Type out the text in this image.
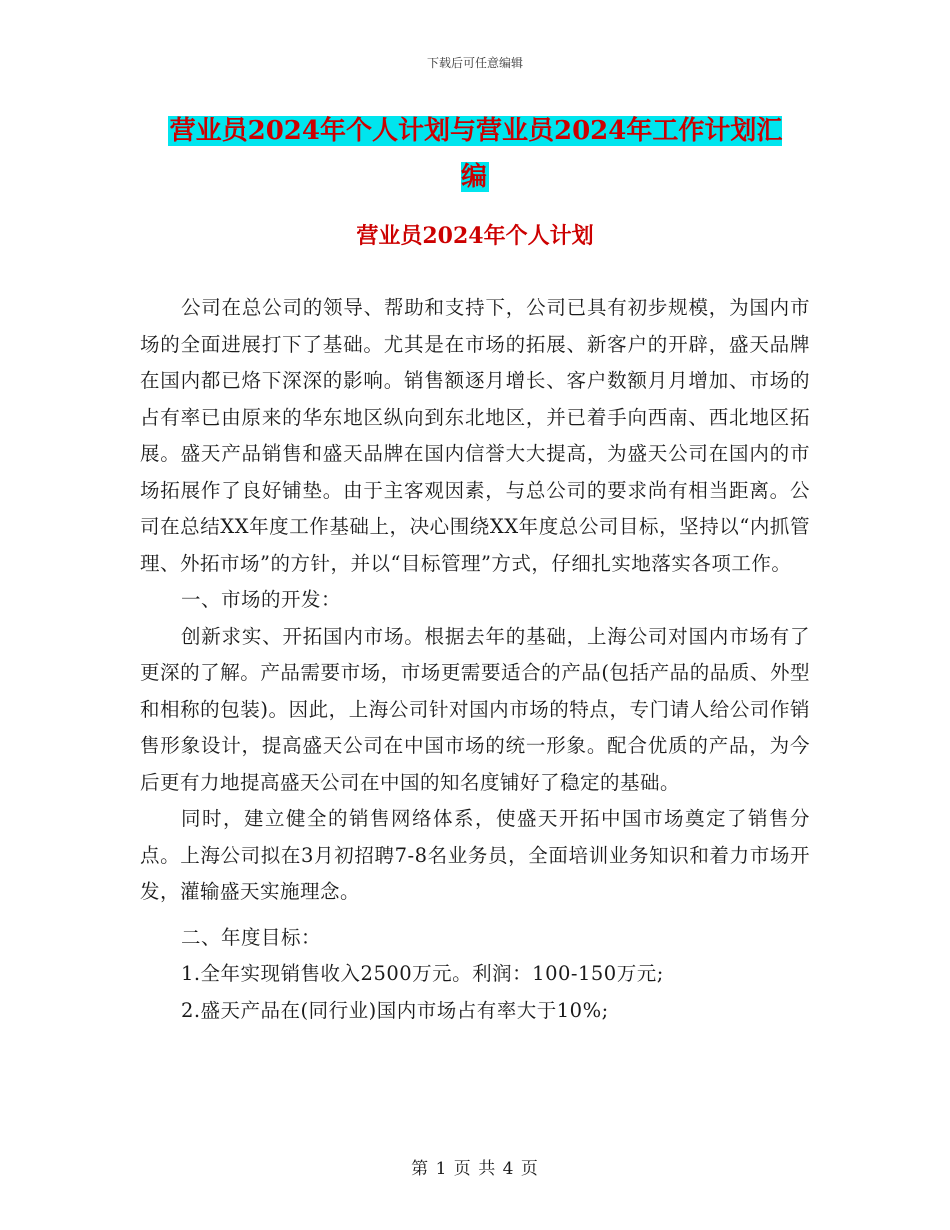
下载后可任意编辑
营业员2024年个人计划与营业员2024年工作计划汇编
营业员2024年个人计划

公司在总公司的领导、帮助和支持下，公司已具有初步规模，为国内市场的全面进展打下了基础。尤其是在市场的拓展、新客户的开辟，盛天品牌在国内都已烙下深深的影响。销售额逐月增长、客户数额月月增加、市场的占有率已由原来的华东地区纵向到东北地区，并已着手向西南、西北地区拓展。盛天产品销售和盛天品牌在国内信誉大大提高，为盛天公司在国内的市场拓展作了良好铺垫。由于主客观因素，与总公司的要求尚有相当距离。公司在总结XX年度工作基础上，决心围绕XX年度总公司目标，坚持以“内抓管理、外拓市场”的方针，并以“目标管理”方式，仔细扎实地落实各项工作。

一、市场的开发：

创新求实、开拓国内市场。根据去年的基础，上海公司对国内市场有了更深的了解。产品需要市场，市场更需要适合的产品(包括产品的品质、外型和相称的包装)。因此，上海公司针对国内市场的特点，专门请人给公司作销售形象设计，提高盛天公司在中国市场的统一形象。配合优质的产品，为今后更有力地提高盛天公司在中国的知名度铺好了稳定的基础。

同时，建立健全的销售网络体系，使盛天开拓中国市场奠定了销售分点。上海公司拟在3月初招聘7-8名业务员，全面培训业务知识和着力市场开发，灌输盛天实施理念。

二、年度目标：

1.全年实现销售收入2500万元。利润：100-150万元;

2.盛天产品在(同行业)国内市场占有率大于10%;

第 1 页 共 4 页
